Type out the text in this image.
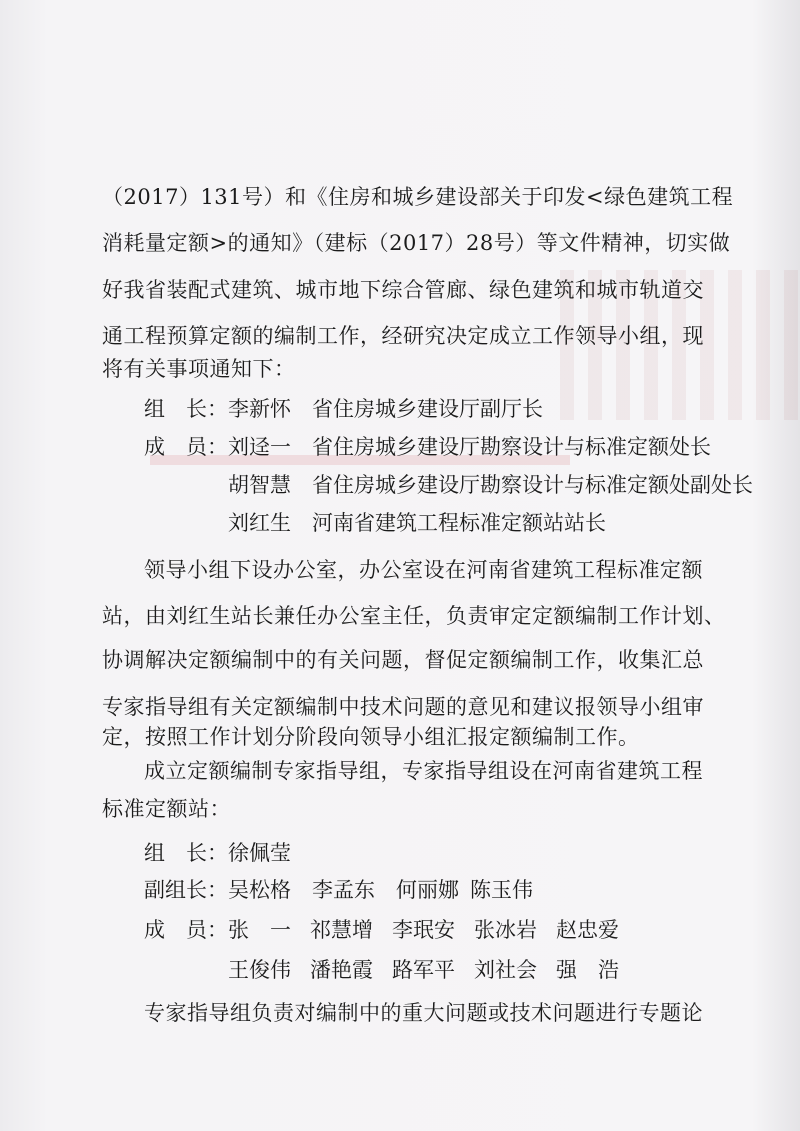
（2017）131号）和《住房和城乡建设部关于印发<绿色建筑工程
消耗量定额>的通知》（建标（2017）28号）等文件精神，切实做
好我省装配式建筑、城市地下综合管廊、绿色建筑和城市轨道交
通工程预算定额的编制工作，经研究决定成立工作领导小组，现
将有关事项通知下：
组　长： 李新怀 省住房城乡建设厅副厅长
成　员： 刘迳一 省住房城乡建设厅勘察设计与标准定额处长
胡智慧 省住房城乡建设厅勘察设计与标准定额处副处长
刘红生 河南省建筑工程标准定额站站长
领导小组下设办公室，办公室设在河南省建筑工程标准定额
站，由刘红生站长兼任办公室主任，负责审定定额编制工作计划、
协调解决定额编制中的有关问题，督促定额编制工作，收集汇总
专家指导组有关定额编制中技术问题的意见和建议报领导小组审
定，按照工作计划分阶段向领导小组汇报定额编制工作。
成立定额编制专家指导组，专家指导组设在河南省建筑工程
标准定额站：
组　长： 徐佩莹
副组长： 吴松格 李孟东 何丽娜 陈玉伟
成　员： 张　一 祁慧增 李珉安 张冰岩 赵忠爱
王俊伟 潘艳霞 路军平 刘社会 强　浩
专家指导组负责对编制中的重大问题或技术问题进行专题论
